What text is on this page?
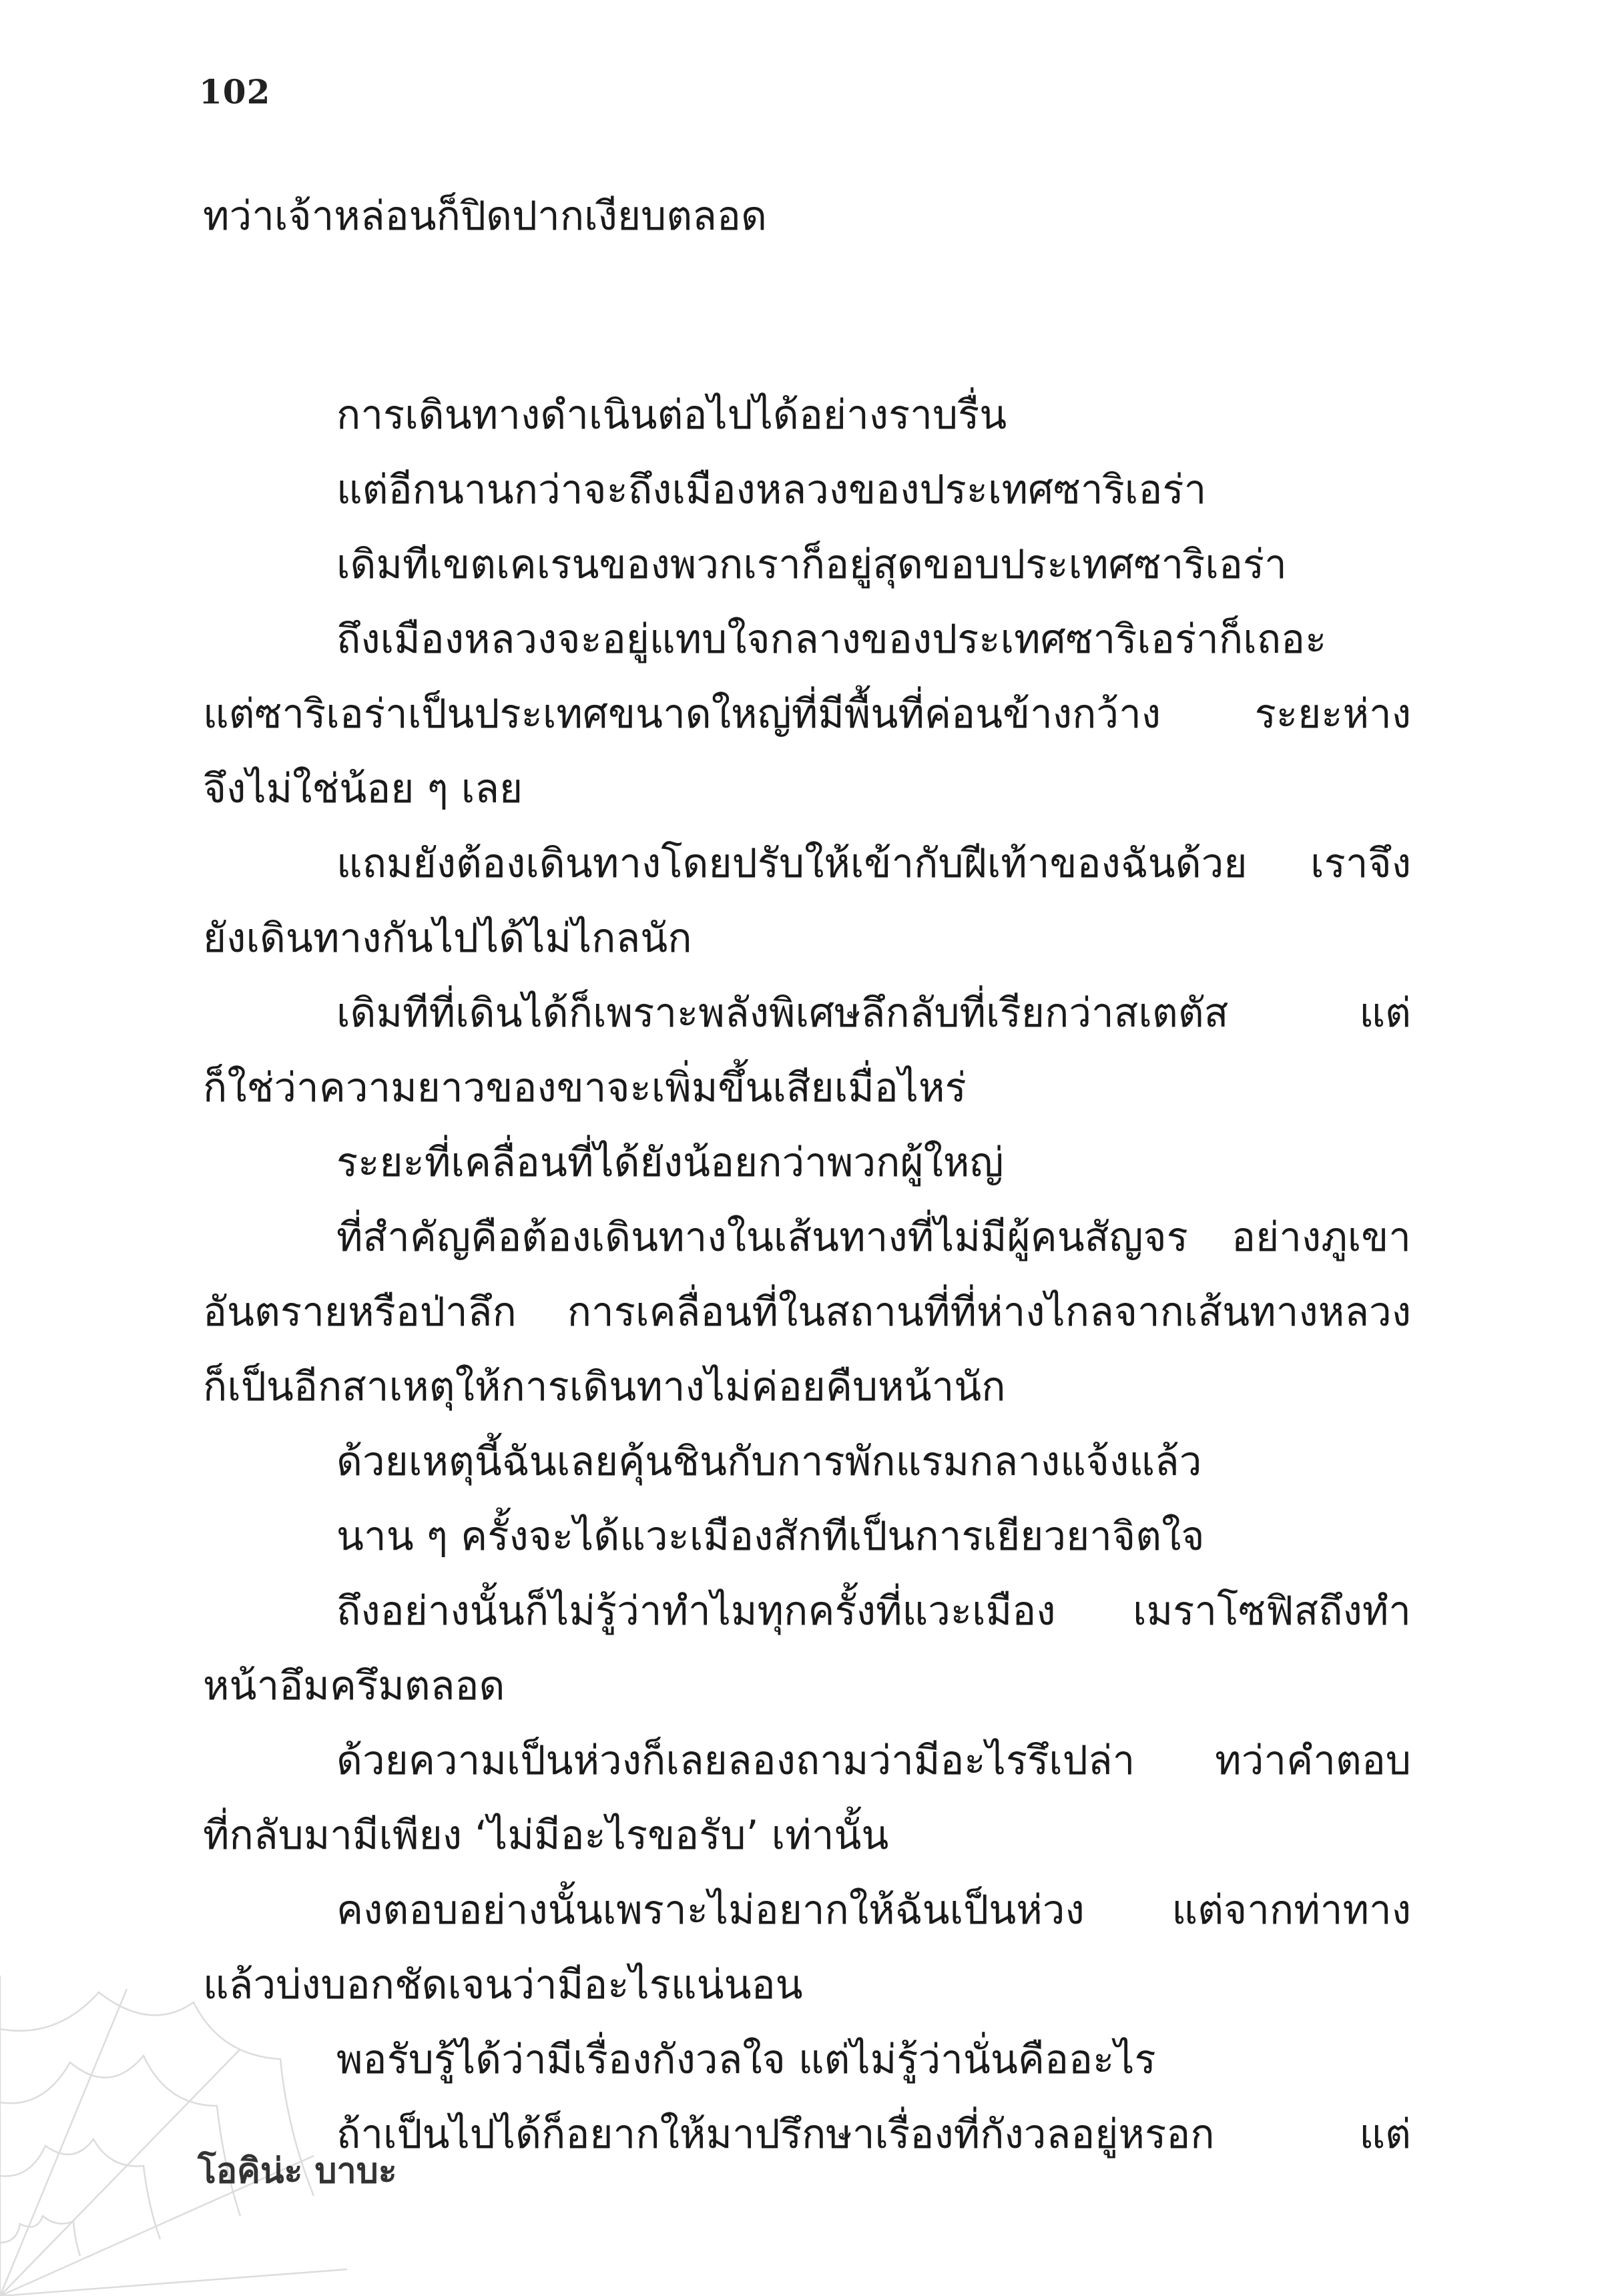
102
ทว่าเจ้าหล่อนก็ปิดปากเงียบตลอด
การเดินทางดำเนินต่อไปได้อย่างราบรื่น
แต่อีกนานกว่าจะถึงเมืองหลวงของประเทศซาริเอร่า
เดิมทีเขตเคเรนของพวกเราก็อยู่สุดขอบประเทศซาริเอร่า
ถึงเมืองหลวงจะอยู่แทบใจกลางของประเทศซาริเอร่าก็เถอะ
แต่ซาริเอร่าเป็นประเทศขนาดใหญ่ที่มีพื้นที่ค่อนข้างกว้าง ระยะห่าง
จึงไม่ใช่น้อย ๆ เลย
แถมยังต้องเดินทางโดยปรับให้เข้ากับฝีเท้าของฉันด้วย เราจึง
ยังเดินทางกันไปได้ไม่ไกลนัก
เดิมทีที่เดินได้ก็เพราะพลังพิเศษลึกลับที่เรียกว่าสเตตัส แต่
ก็ใช่ว่าความยาวของขาจะเพิ่มขึ้นเสียเมื่อไหร่
ระยะที่เคลื่อนที่ได้ยังน้อยกว่าพวกผู้ใหญ่
ที่สำคัญคือต้องเดินทางในเส้นทางที่ไม่มีผู้คนสัญจร อย่างภูเขา
อันตรายหรือป่าลึก การเคลื่อนที่ในสถานที่ที่ห่างไกลจากเส้นทางหลวง
ก็เป็นอีกสาเหตุให้การเดินทางไม่ค่อยคืบหน้านัก
ด้วยเหตุนี้ฉันเลยคุ้นชินกับการพักแรมกลางแจ้งแล้ว
นาน ๆ ครั้งจะได้แวะเมืองสักทีเป็นการเยียวยาจิตใจ
ถึงอย่างนั้นก็ไม่รู้ว่าทำไมทุกครั้งที่แวะเมือง เมราโซฟิสถึงทำ
หน้าอึมครึมตลอด
ด้วยความเป็นห่วงก็เลยลองถามว่ามีอะไรรึเปล่า ทว่าคำตอบ
ที่กลับมามีเพียง ‘ไม่มีอะไรขอรับ’ เท่านั้น
คงตอบอย่างนั้นเพราะไม่อยากให้ฉันเป็นห่วง แต่จากท่าทาง
แล้วบ่งบอกชัดเจนว่ามีอะไรแน่นอน
พอรับรู้ได้ว่ามีเรื่องกังวลใจ แต่ไม่รู้ว่านั่นคืออะไร
ถ้าเป็นไปได้ก็อยากให้มาปรึกษาเรื่องที่กังวลอยู่หรอก แต่
โอคิน่ะ บาบะ
